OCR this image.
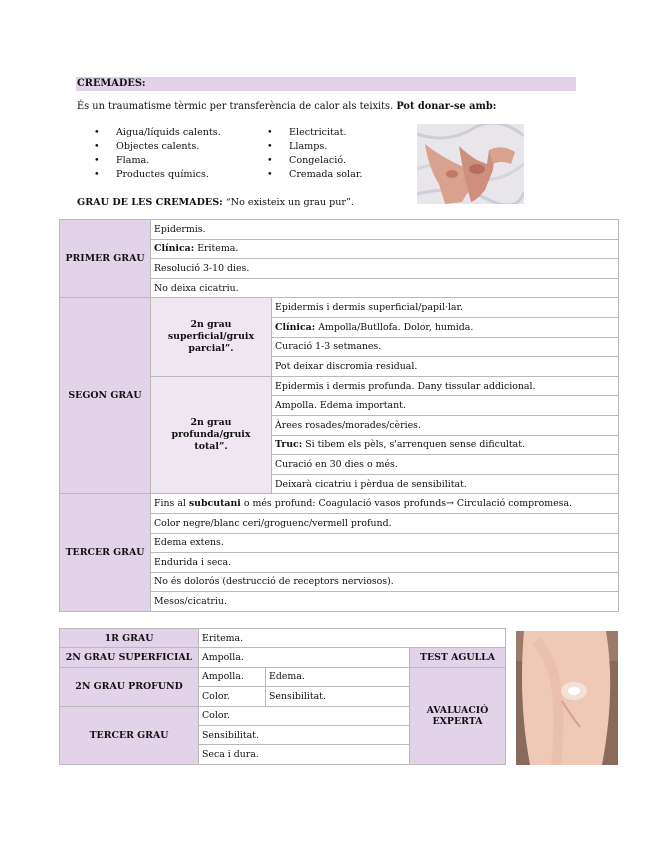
CREMADES:
És un traumatisme tèrmic per transferència de calor als teixits. Pot donar-se amb:
• Aigua/líquids calents.
• Objectes calents.
• Flama.
• Productes químics.
• Electricitat.
• Llamps.
• Congelació.
• Cremada solar.
GRAU DE LES CREMADES: “No existeix un grau pur”.
PRIMER GRAU	Epidermis.	
	Clínica: Eritema.	
	Resolució 3-10 dies.	
	No deixa cicatriu.	
SEGON GRAU	2n grau superficial/gruix parcial”.	Epidermis i dermis superficial/papil·lar.
		Clínica: Ampolla/Butllofa. Dolor, humida.
		Curació 1-3 setmanes.
		Pot deixar discromia residual.
	2n grau profunda/gruix total”.	Epidermis i dermis profunda. Dany tissular addicional.
		Ampolla. Edema important.
		Àrees rosades/morades/cèries.
		Truc: Si tibem els pèls, s'arrenquen sense dificultat.
		Curació en 30 dies o més.
		Deixarà cicatriu i pèrdua de sensibilitat.
TERCER GRAU	Fins al subcutani o més profund: Coagulació vasos profunds→ Circulació compromesa.	
	Color negre/blanc ceri/groguenc/vermell profund.	
	Edema extens.	
	Endurida i seca.	
	No és dolorós (destrucció de receptors nerviosos).	
	Mesos/cicatriu.	
1R GRAU	Eritema.		
2N GRAU SUPERFICIAL	Ampolla.		TEST AGULLA
2N GRAU PROFUND	Ampolla.	Edema.	AVALUACIÓ EXPERTA
	Color.	Sensibilitat.	
TERCER GRAU	Color.		
	Sensibilitat.		
	Seca i dura.		
